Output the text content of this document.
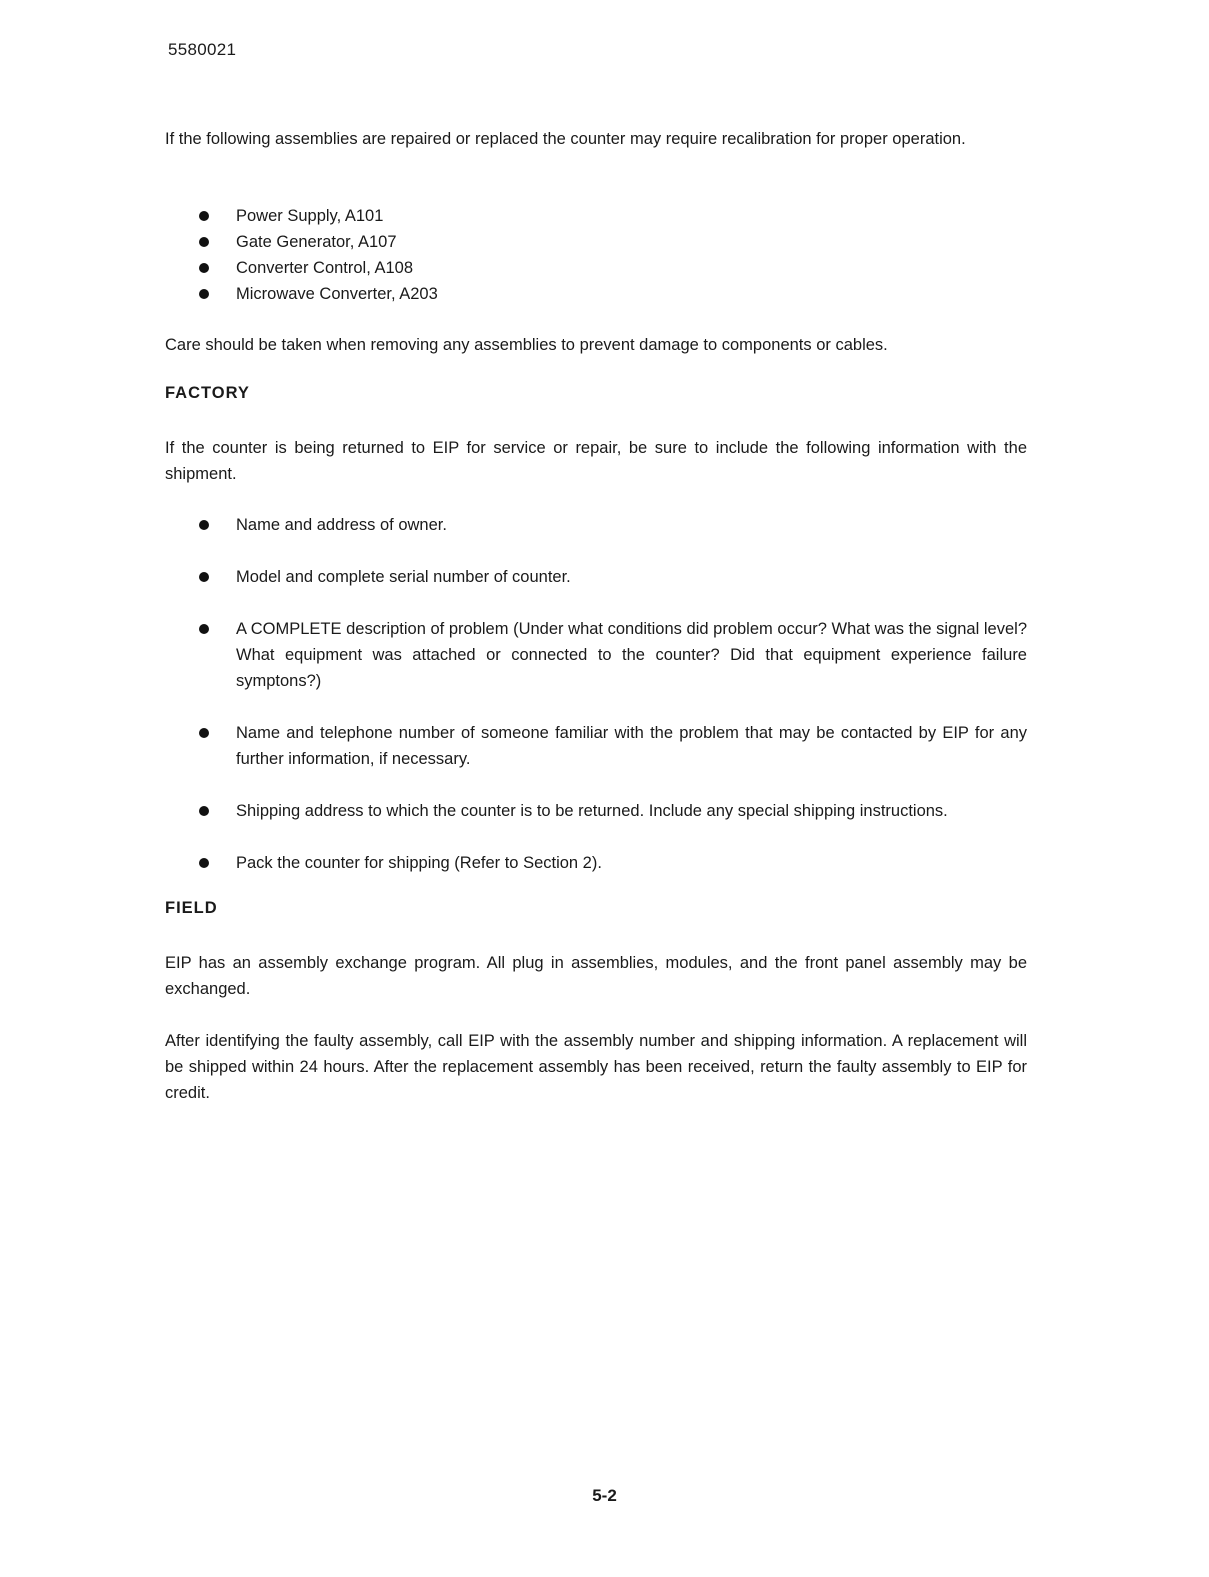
5580021
If the following assemblies are repaired or replaced the counter may require recalibration for proper operation.
Power Supply, A101
Gate Generator, A107
Converter Control, A108
Microwave Converter, A203
Care should be taken when removing any assemblies to prevent damage to components or cables.
FACTORY
If the counter is being returned to EIP for service or repair, be sure to include the following information with the shipment.
Name and address of owner.
Model and complete serial number of counter.
A COMPLETE description of problem (Under what conditions did problem occur? What was the signal level? What equipment was attached or connected to the counter? Did that equipment experience failure symptons?)
Name and telephone number of someone familiar with the problem that may be contacted by EIP for any further information, if necessary.
Shipping address to which the counter is to be returned. Include any special shipping instructions.
Pack the counter for shipping (Refer to Section 2).
FIELD
EIP has an assembly exchange program. All plug in assemblies, modules, and the front panel assembly may be exchanged.
After identifying the faulty assembly, call EIP with the assembly number and shipping information. A replacement will be shipped within 24 hours. After the replacement assembly has been received, return the faulty assembly to EIP for credit.
5-2
